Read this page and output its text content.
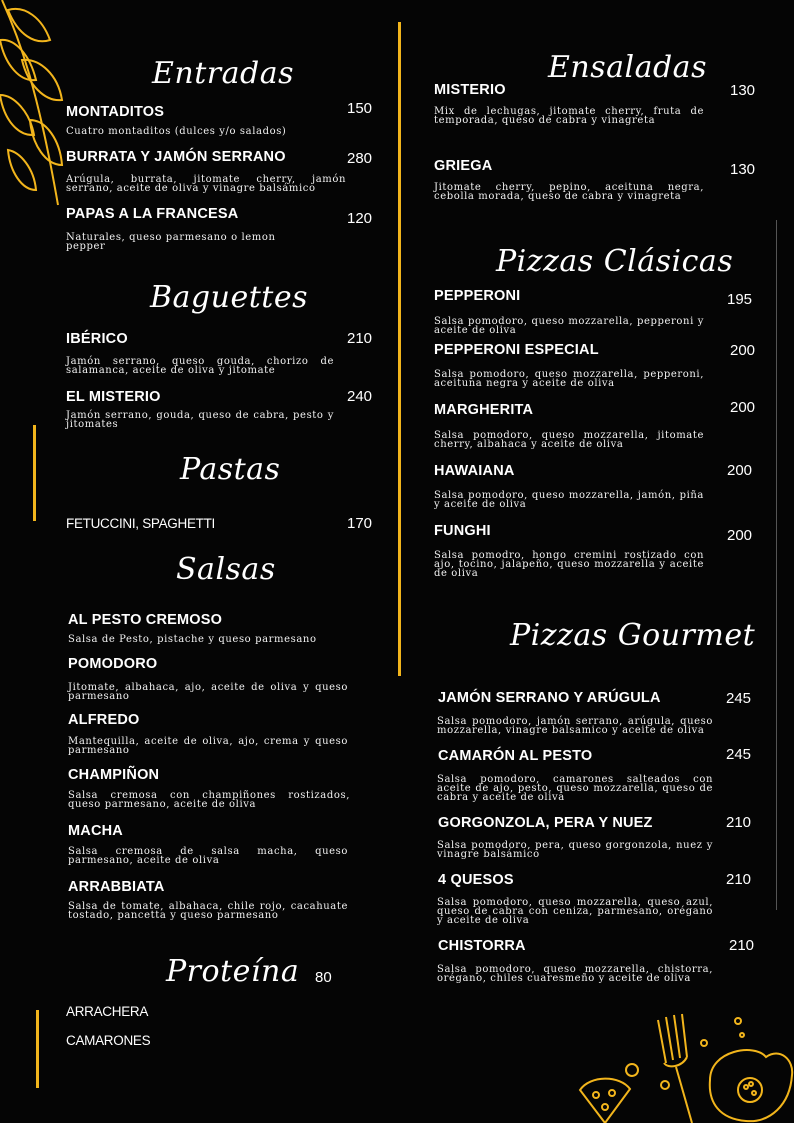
Entradas
MONTADITOS	150
Cuatro montaditos (dulces y/o salados)
BURRATA Y JAMÓN SERRANO	280
Arúgula, burrata, jitomate cherry, jamón serrano, aceite de oliva y vinagre balsámico
PAPAS A LA FRANCESA	120
Naturales, queso parmesano o lemon pepper
Baguettes
IBÉRICO	210
Jamón serrano, queso gouda, chorizo de salamanca, aceite de oliva y jitomate
EL MISTERIO	240
Jamón serrano, gouda, queso de cabra, pesto y jitomates
Pastas
FETUCCINI, SPAGHETTI	170
Salsas
AL PESTO CREMOSO
Salsa de Pesto, pistache y queso parmesano
POMODORO
Jitomate, albahaca, ajo, aceite de oliva y queso parmesano
ALFREDO
Mantequilla, aceite de oliva, ajo, crema y queso parmesano
CHAMPIÑON
Salsa cremosa con champiñones rostizados, queso parmesano, aceite de oliva
MACHA
Salsa cremosa de salsa macha, queso parmesano, aceite de oliva
ARRABBIATA
Salsa de tomate, albahaca, chile rojo, cacahuate tostado, pancetta y queso parmesano
Proteína 80
ARRACHERA
CAMARONES
Ensaladas
MISTERIO	130
Mix de lechugas, jitomate cherry, fruta de temporada, queso de cabra y vinagreta
GRIEGA	130
Jitomate cherry, pepino, aceituna negra, cebolla morada, queso de cabra y vinagreta
Pizzas Clásicas
PEPPERONI	195
Salsa pomodoro, queso mozzarella, pepperoni y aceite de oliva
PEPPERONI ESPECIAL	200
Salsa pomodoro, queso mozzarella, pepperoni, aceituna negra y aceite de oliva
MARGHERITA	200
Salsa pomodoro, queso mozzarella, jitomate cherry, albahaca y aceite de oliva
HAWAIANA	200
Salsa pomodoro, queso mozzarella, jamón, piña y aceite de oliva
FUNGHI	200
Salsa pomodro, hongo cremini rostizado con ajo, tocino, jalapeño, queso mozzarella y aceite de oliva
Pizzas Gourmet
JAMÓN SERRANO Y ARÚGULA	245
Salsa pomodoro, jamón serrano, arúgula, queso mozzarella, vinagre balsamico y aceite de oliva
CAMARÓN AL PESTO	245
Salsa pomodoro, camarones salteados con aceite de ajo, pesto, queso mozzarella, queso de cabra y aceite de oliva
GORGONZOLA, PERA Y NUEZ	210
Salsa pomodoro, pera, queso gorgonzola, nuez y vinagre balsámico
4 QUESOS	210
Salsa pomodoro, queso mozzarella, queso azul, queso de cabra con ceniza, parmesano, orégano y aceite de oliva
CHISTORRA	210
Salsa pomodoro, queso mozzarella, chistorra, orégano, chiles cuaresmeño y aceite de oliva
